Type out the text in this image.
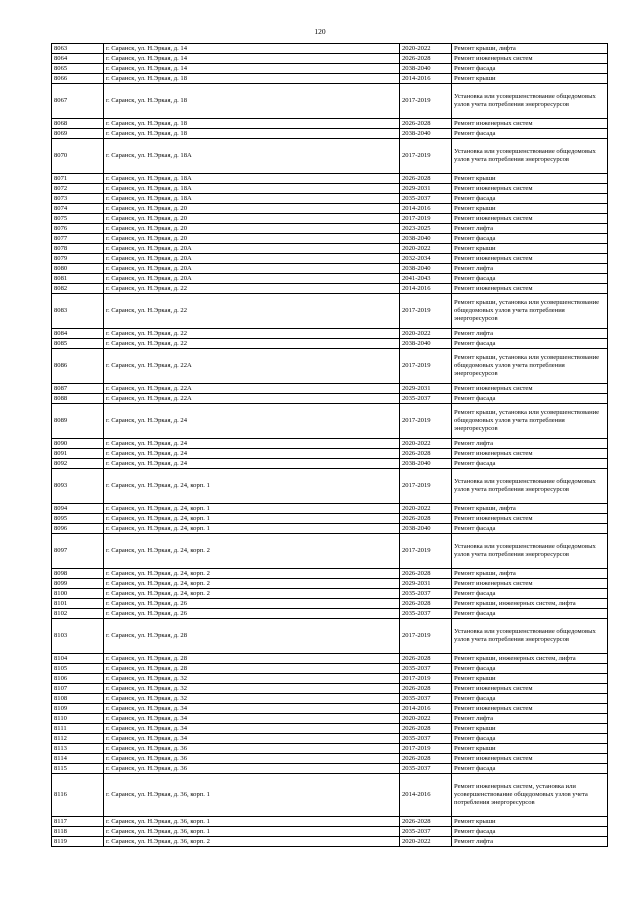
120
8063	г. Саранск, ул. Н.Эркая, д. 14	2020-2022	Ремонт крыши, лифта
8064	г. Саранск, ул. Н.Эркая, д. 14	2026-2028	Ремонт инженерных систем
8065	г. Саранск, ул. Н.Эркая, д. 14	2038-2040	Ремонт фасада
8066	г. Саранск, ул. Н.Эркая, д. 18	2014-2016	Ремонт крыши
8067	г. Саранск, ул. Н.Эркая, д. 18	2017-2019	Установка или усовершенствование общедомовых узлов учета потребления энергоресурсов
8068	г. Саранск, ул. Н.Эркая, д. 18	2026-2028	Ремонт инженерных систем
8069	г. Саранск, ул. Н.Эркая, д. 18	2038-2040	Ремонт фасада
8070	г. Саранск, ул. Н.Эркая, д. 18А	2017-2019	Установка или усовершенствование общедомовых узлов учета потребления энергоресурсов
8071	г. Саранск, ул. Н.Эркая, д. 18А	2026-2028	Ремонт крыши
8072	г. Саранск, ул. Н.Эркая, д. 18А	2029-2031	Ремонт инженерных систем
8073	г. Саранск, ул. Н.Эркая, д. 18А	2035-2037	Ремонт фасада
8074	г. Саранск, ул. Н.Эркая, д. 20	2014-2016	Ремонт крыши
8075	г. Саранск, ул. Н.Эркая, д. 20	2017-2019	Ремонт инженерных систем
8076	г. Саранск, ул. Н.Эркая, д. 20	2023-2025	Ремонт лифта
8077	г. Саранск, ул. Н.Эркая, д. 20	2038-2040	Ремонт фасада
8078	г. Саранск, ул. Н.Эркая, д. 20А	2020-2022	Ремонт крыши
8079	г. Саранск, ул. Н.Эркая, д. 20А	2032-2034	Ремонт инженерных систем
8080	г. Саранск, ул. Н.Эркая, д. 20А	2038-2040	Ремонт лифта
8081	г. Саранск, ул. Н.Эркая, д. 20А	2041-2043	Ремонт фасада
8082	г. Саранск, ул. Н.Эркая, д. 22	2014-2016	Ремонт инженерных систем
8083	г. Саранск, ул. Н.Эркая, д. 22	2017-2019	Ремонт крыши, установка или усовершенствование общедомовых узлов учета потребления энергоресурсов
8084	г. Саранск, ул. Н.Эркая, д. 22	2020-2022	Ремонт лифта
8085	г. Саранск, ул. Н.Эркая, д. 22	2038-2040	Ремонт фасада
8086	г. Саранск, ул. Н.Эркая, д. 22А	2017-2019	Ремонт крыши, установка или усовершенствование общедомовых узлов учета потребления энергоресурсов
8087	г. Саранск, ул. Н.Эркая, д. 22А	2029-2031	Ремонт инженерных систем
8088	г. Саранск, ул. Н.Эркая, д. 22А	2035-2037	Ремонт фасада
8089	г. Саранск, ул. Н.Эркая, д. 24	2017-2019	Ремонт крыши, установка или усовершенствование общедомовых узлов учета потребления энергоресурсов
8090	г. Саранск, ул. Н.Эркая, д. 24	2020-2022	Ремонт лифта
8091	г. Саранск, ул. Н.Эркая, д. 24	2026-2028	Ремонт инженерных систем
8092	г. Саранск, ул. Н.Эркая, д. 24	2038-2040	Ремонт фасада
8093	г. Саранск, ул. Н.Эркая, д. 24, корп. 1	2017-2019	Установка или усовершенствование общедомовых узлов учета потребления энергоресурсов
8094	г. Саранск, ул. Н.Эркая, д. 24, корп. 1	2020-2022	Ремонт крыши, лифта
8095	г. Саранск, ул. Н.Эркая, д. 24, корп. 1	2026-2028	Ремонт инженерных систем
8096	г. Саранск, ул. Н.Эркая, д. 24, корп. 1	2038-2040	Ремонт фасада
8097	г. Саранск, ул. Н.Эркая, д. 24, корп. 2	2017-2019	Установка или усовершенствование общедомовых узлов учета потребления энергоресурсов
8098	г. Саранск, ул. Н.Эркая, д. 24, корп. 2	2026-2028	Ремонт крыши, лифта
8099	г. Саранск, ул. Н.Эркая, д. 24, корп. 2	2029-2031	Ремонт инженерных систем
8100	г. Саранск, ул. Н.Эркая, д. 24, корп. 2	2035-2037	Ремонт фасада
8101	г. Саранск, ул. Н.Эркая, д. 26	2026-2028	Ремонт крыши, инженерных систем, лифта
8102	г. Саранск, ул. Н.Эркая, д. 26	2035-2037	Ремонт фасада
8103	г. Саранск, ул. Н.Эркая, д. 28	2017-2019	Установка или усовершенствование общедомовых узлов учета потребления энергоресурсов
8104	г. Саранск, ул. Н.Эркая, д. 28	2026-2028	Ремонт крыши, инженерных систем, лифта
8105	г. Саранск, ул. Н.Эркая, д. 28	2035-2037	Ремонт фасада
8106	г. Саранск, ул. Н.Эркая, д. 32	2017-2019	Ремонт крыши
8107	г. Саранск, ул. Н.Эркая, д. 32	2026-2028	Ремонт инженерных систем
8108	г. Саранск, ул. Н.Эркая, д. 32	2035-2037	Ремонт фасада
8109	г. Саранск, ул. Н.Эркая, д. 34	2014-2016	Ремонт инженерных систем
8110	г. Саранск, ул. Н.Эркая, д. 34	2020-2022	Ремонт лифта
8111	г. Саранск, ул. Н.Эркая, д. 34	2026-2028	Ремонт крыши
8112	г. Саранск, ул. Н.Эркая, д. 34	2035-2037	Ремонт фасада
8113	г. Саранск, ул. Н.Эркая, д. 36	2017-2019	Ремонт крыши
8114	г. Саранск, ул. Н.Эркая, д. 36	2026-2028	Ремонт инженерных систем
8115	г. Саранск, ул. Н.Эркая, д. 36	2035-2037	Ремонт фасада
8116	г. Саранск, ул. Н.Эркая, д. 36, корп. 1	2014-2016	Ремонт инженерных систем, установка или усовершенствование общедомовых узлов учета потребления энергоресурсов
8117	г. Саранск, ул. Н.Эркая, д. 36, корп. 1	2026-2028	Ремонт крыши
8118	г. Саранск, ул. Н.Эркая, д. 36, корп. 1	2035-2037	Ремонт фасада
8119	г. Саранск, ул. Н.Эркая, д. 36, корп. 2	2020-2022	Ремонт лифта
